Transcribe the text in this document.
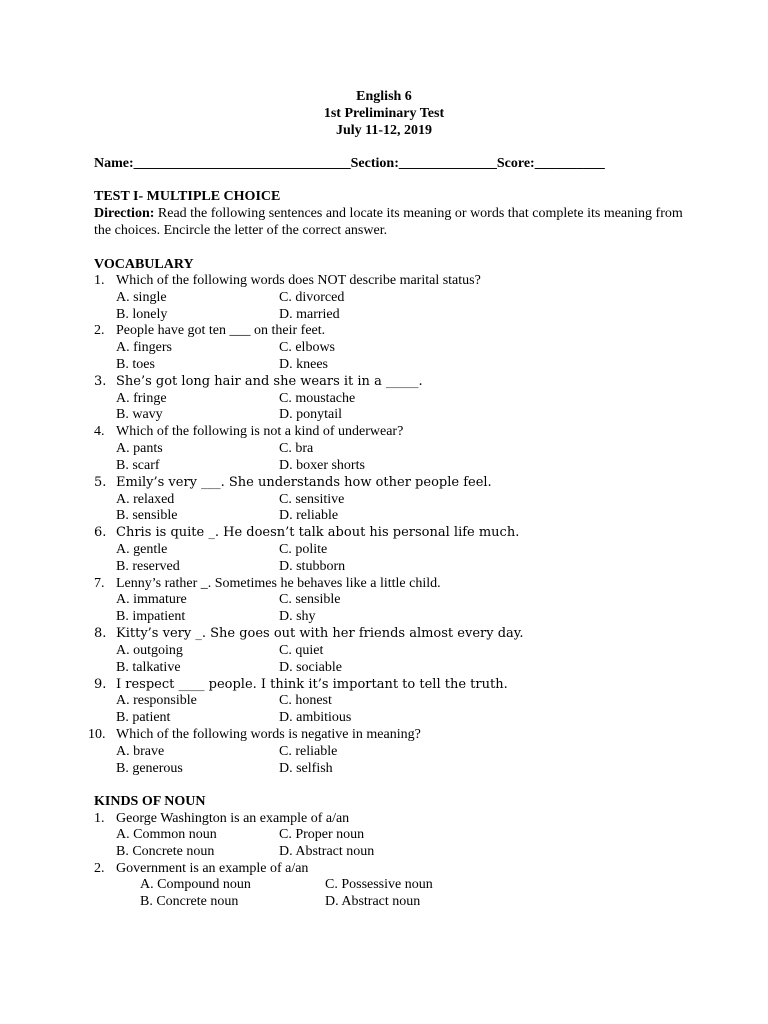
English 6
1st Preliminary Test
July 11-12, 2019
Name:_______________________________Section:______________Score:__________
TEST I- MULTIPLE CHOICE
Direction: Read the following sentences and locate its meaning or words that complete its meaning from the choices. Encircle the letter of the correct answer.
VOCABULARY
1. Which of the following words does NOT describe marital status?
A. single	C. divorced
B. lonely	D. married
2. People have got ten ___ on their feet.
A. fingers	C. elbows
B. toes	D. knees
3. She’s got long hair and she wears it in a _____.
A. fringe	C. moustache
B. wavy	D. ponytail
4. Which of the following is not a kind of underwear?
A. pants	C. bra
B. scarf	D. boxer shorts
5. Emily’s very ___. She understands how other people feel.
A. relaxed	C. sensitive
B. sensible	D. reliable
6. Chris is quite _. He doesn’t talk about his personal life much.
A. gentle	C. polite
B. reserved	D. stubborn
7. Lenny’s rather _. Sometimes he behaves like a little child.
A. immature	C. sensible
B. impatient	D. shy
8. Kitty’s very _. She goes out with her friends almost every day.
A. outgoing	C. quiet
B. talkative	D. sociable
9. I respect ____ people. I think it’s important to tell the truth.
A. responsible	C. honest
B. patient	D. ambitious
10. Which of the following words is negative in meaning?
A. brave	C. reliable
B. generous	D. selfish
KINDS OF NOUN
1. George Washington is an example of a/an
A. Common noun	C. Proper noun
B. Concrete noun	D. Abstract noun
2. Government is an example of a/an
A. Compound noun	C. Possessive noun
B. Concrete noun	D. Abstract noun
